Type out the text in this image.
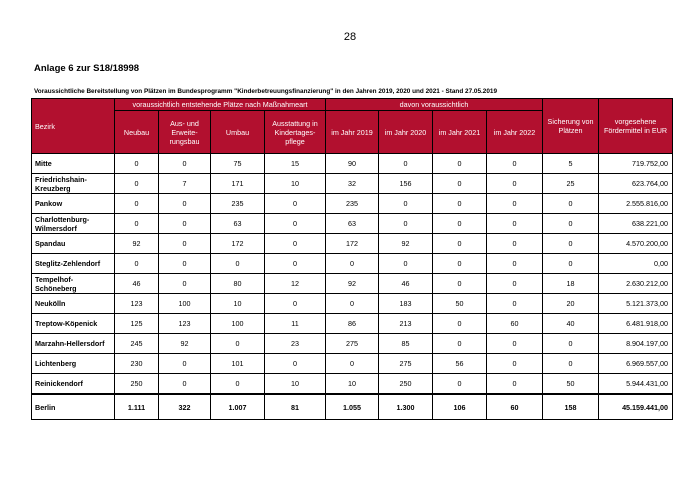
28
Anlage 6 zur S18/18998
Voraussichtliche Bereitstellung von Plätzen im Bundesprogramm "Kinderbetreuungsfinanzierung" in den Jahren 2019, 2020 und 2021 - Stand 27.05.2019
Bezirk	voraussichtlich entstehende Plätze nach Maßnahmeart				davon voraussichtlich				Sicherung von Plätzen	vorgesehene Fördermittel in EUR
	Neubau	Aus- und Erweite-rungsbau	Umbau	Ausstattung in Kindertages-pflege	im Jahr 2019	im Jahr 2020	im Jahr 2021	im Jahr 2022		
Mitte	0	0	75	15	90	0	0	0	5	719.752,00
Friedrichshain-Kreuzberg	0	7	171	10	32	156	0	0	25	623.764,00
Pankow	0	0	235	0	235	0	0	0	0	2.555.816,00
Charlottenburg-Wilmersdorf	0	0	63	0	63	0	0	0	0	638.221,00
Spandau	92	0	172	0	172	92	0	0	0	4.570.200,00
Steglitz-Zehlendorf	0	0	0	0	0	0	0	0	0	0,00
Tempelhof-Schöneberg	46	0	80	12	92	46	0	0	18	2.630.212,00
Neukölln	123	100	10	0	0	183	50	0	20	5.121.373,00
Treptow-Köpenick	125	123	100	11	86	213	0	60	40	6.481.918,00
Marzahn-Hellersdorf	245	92	0	23	275	85	0	0	0	8.904.197,00
Lichtenberg	230	0	101	0	0	275	56	0	0	6.969.557,00
Reinickendorf	250	0	0	10	10	250	0	0	50	5.944.431,00
Berlin	1.111	322	1.007	81	1.055	1.300	106	60	158	45.159.441,00
